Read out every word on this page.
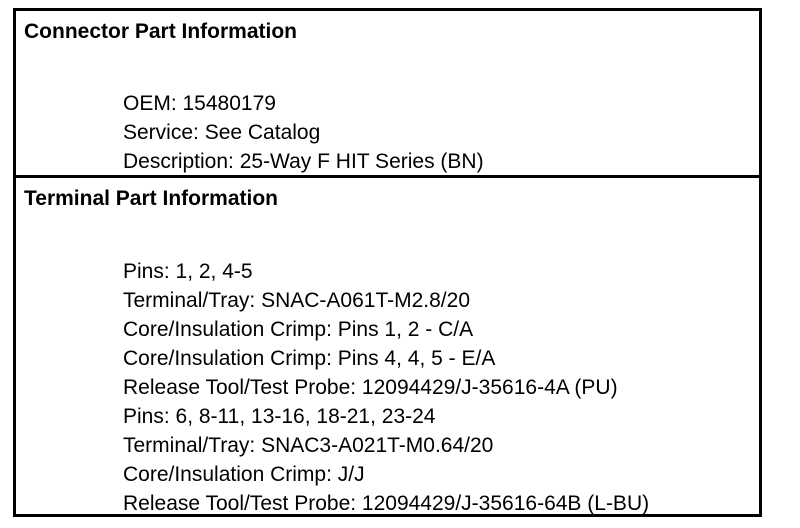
Connector Part Information
OEM: 15480179
Service: See Catalog
Description: 25-Way F HIT Series (BN)
Terminal Part Information
Pins: 1, 2, 4-5
Terminal/Tray: SNAC-A061T-M2.8/20
Core/Insulation Crimp: Pins 1, 2 - C/A
Core/Insulation Crimp: Pins 4, 4, 5 - E/A
Release Tool/Test Probe: 12094429/J-35616-4A (PU)
Pins: 6, 8-11, 13-16, 18-21, 23-24
Terminal/Tray: SNAC3-A021T-M0.64/20
Core/Insulation Crimp: J/J
Release Tool/Test Probe: 12094429/J-35616-64B (L-BU)
